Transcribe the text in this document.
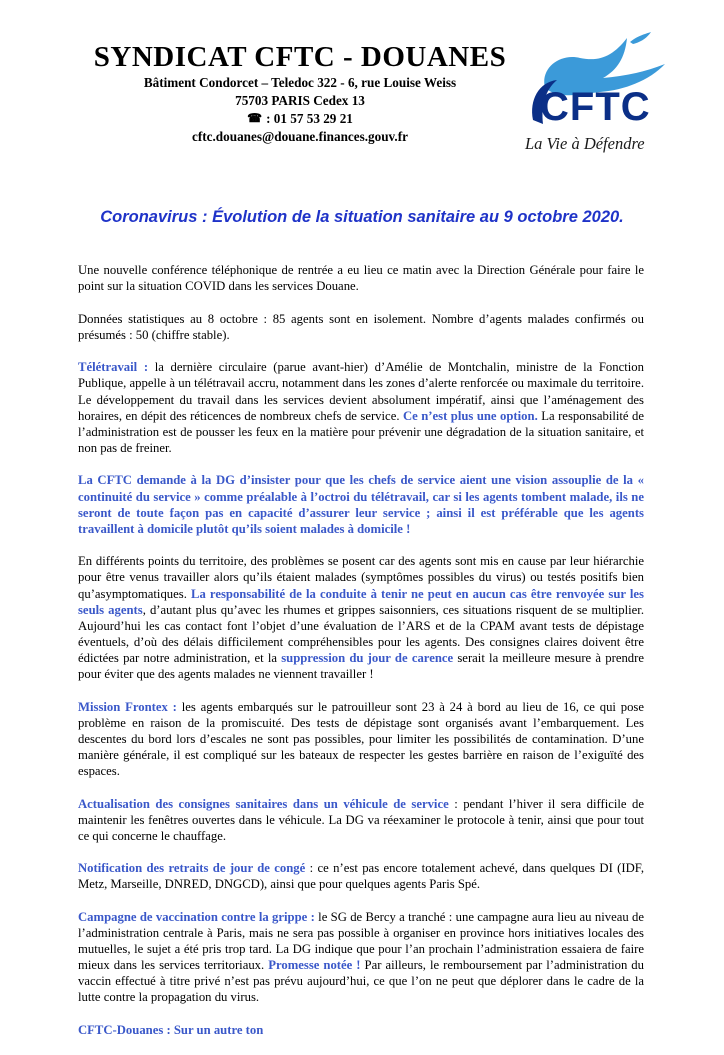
SYNDICAT CFTC - DOUANES
Bâtiment Condorcet – Teledoc 322 - 6, rue Louise Weiss
75703 PARIS Cedex 13
☎ : 01 57 53 29 21
cftc.douanes@douane.finances.gouv.fr
CFTC
La Vie à Défendre
Coronavirus : Évolution de la situation sanitaire au 9 octobre 2020.

Une nouvelle conférence téléphonique de rentrée a eu lieu ce matin avec la Direction Générale pour faire le point sur la situation COVID dans les services Douane.

Données statistiques au 8 octobre : 85 agents sont en isolement. Nombre d’agents malades confirmés ou présumés : 50 (chiffre stable).

Télétravail : la dernière circulaire (parue avant-hier) d’Amélie de Montchalin, ministre de la Fonction Publique, appelle à un télétravail accru, notamment dans les zones d’alerte renforcée ou maximale du territoire. Le développement du travail dans les services devient absolument impératif, ainsi que l’aménagement des horaires, en dépit des réticences de nombreux chefs de service. Ce n’est plus une option. La responsabilité de l’administration est de pousser les feux en la matière pour prévenir une dégradation de la situation sanitaire, et non pas de freiner.

La CFTC demande à la DG d’insister pour que les chefs de service aient une vision assouplie de la « continuité du service » comme préalable à l’octroi du télétravail, car si les agents tombent malade, ils ne seront de toute façon pas en capacité d’assurer leur service ; ainsi il est préférable que les agents travaillent à domicile plutôt qu’ils soient malades à domicile !

En différents points du territoire, des problèmes se posent car des agents sont mis en cause par leur hiérarchie pour être venus travailler alors qu’ils étaient malades (symptômes possibles du virus) ou testés positifs bien qu’asymptomatiques. La responsabilité de la conduite à tenir ne peut en aucun cas être renvoyée sur les seuls agents, d’autant plus qu’avec les rhumes et grippes saisonniers, ces situations risquent de se multiplier. Aujourd’hui les cas contact font l’objet d’une évaluation de l’ARS et de la CPAM avant tests de dépistage éventuels, d’où des délais difficilement compréhensibles pour les agents. Des consignes claires doivent être édictées par notre administration, et la suppression du jour de carence serait la meilleure mesure à prendre pour éviter que des agents malades ne viennent travailler !

Mission Frontex : les agents embarqués sur le patrouilleur sont 23 à 24 à bord au lieu de 16, ce qui pose problème en raison de la promiscuité. Des tests de dépistage sont organisés avant l’embarquement. Les descentes du bord lors d’escales ne sont pas possibles, pour limiter les possibilités de contamination. D’une manière générale, il est compliqué sur les bateaux de respecter les gestes barrière en raison de l’exiguïté des espaces.

Actualisation des consignes sanitaires dans un véhicule de service : pendant l’hiver il sera difficile de maintenir les fenêtres ouvertes dans le véhicule. La DG va réexaminer le protocole à tenir, ainsi que pour tout ce qui concerne le chauffage.

Notification des retraits de jour de congé : ce n’est pas encore totalement achevé, dans quelques DI (IDF, Metz, Marseille, DNRED, DNGCD), ainsi que pour quelques agents Paris Spé.

Campagne de vaccination contre la grippe : le SG de Bercy a tranché : une campagne aura lieu au niveau de l’administration centrale à Paris, mais ne sera pas possible à organiser en province hors initiatives locales des mutuelles, le sujet a été pris trop tard. La DG indique que pour l’an prochain l’administration essaiera de faire mieux dans les services territoriaux. Promesse notée ! Par ailleurs, le remboursement par l’administration du vaccin effectué à titre privé n’est pas prévu aujourd’hui, ce que l’on ne peut que déplorer dans le cadre de la lutte contre la propagation du virus.

CFTC-Douanes : Sur un autre ton
